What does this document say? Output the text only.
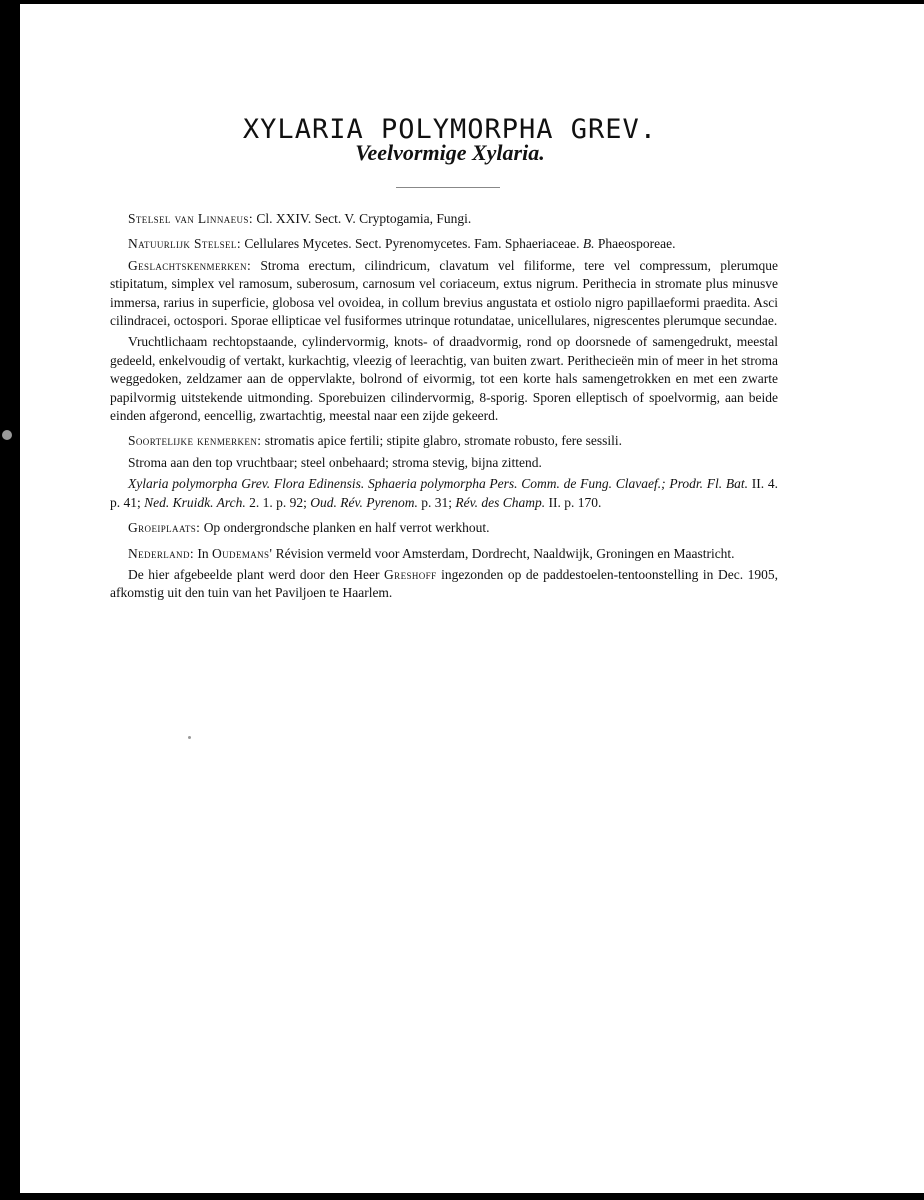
XYLARIA POLYMORPHA GREV.
Veelvormige Xylaria.

Stelsel van Linnaeus: Cl. XXIV. Sect. V. Cryptogamia, Fungi.

Natuurlijk Stelsel: Cellulares Mycetes. Sect. Pyrenomycetes. Fam. Sphaeriaceae. B. Phaeosporeae.

Geslachtskenmerken: Stroma erectum, cilindricum, clavatum vel filiforme, tere vel compressum, plerumque stipitatum, simplex vel ramosum, suberosum, carnosum vel coriaceum, extus nigrum. Perithecia in stromate plus minusve immersa, rarius in superficie, globosa vel ovoidea, in collum brevius angustata et ostiolo nigro papillaeformi praedita. Asci cilindracei, octospori. Sporae ellipticae vel fusiformes utrinque rotundatae, unicellulares, nigrescentes plerumque secundae.

Vruchtlichaam rechtopstaande, cylindervormig, knots- of draadvormig, rond op doorsnede of samengedrukt, meestal gedeeld, enkelvoudig of vertakt, kurkachtig, vleezig of leerachtig, van buiten zwart. Perithecieën min of meer in het stroma weggedoken, zeldzamer aan de oppervlakte, bolrond of eivormig, tot een korte hals samengetrokken en met een zwarte papilvormig uitstekende uitmonding. Sporebuizen cilindervormig, 8-sporig. Sporen elleptisch of spoelvormig, aan beide einden afgerond, eencellig, zwartachtig, meestal naar een zijde gekeerd.

Soortelijke kenmerken: stromatis apice fertili; stipite glabro, stromate robusto, fere sessili.

Stroma aan den top vruchtbaar; steel onbehaard; stroma stevig, bijna zittend.

Xylaria polymorpha Grev. Flora Edinensis. Sphaeria polymorpha Pers. Comm. de Fung. Clavaef.; Prodr. Fl. Bat. II. 4. p. 41; Ned. Kruidk. Arch. 2. 1. p. 92; Oud. Rév. Pyrenom. p. 31; Rév. des Champ. II. p. 170.

Groeiplaats: Op ondergrondsche planken en half verrot werkhout.

Nederland: In Oudemans' Révision vermeld voor Amsterdam, Dordrecht, Naaldwijk, Groningen en Maastricht.

De hier afgebeelde plant werd door den Heer Greshoff ingezonden op de paddestoelen-tentoonstelling in Dec. 1905, afkomstig uit den tuin van het Paviljoen te Haarlem.
